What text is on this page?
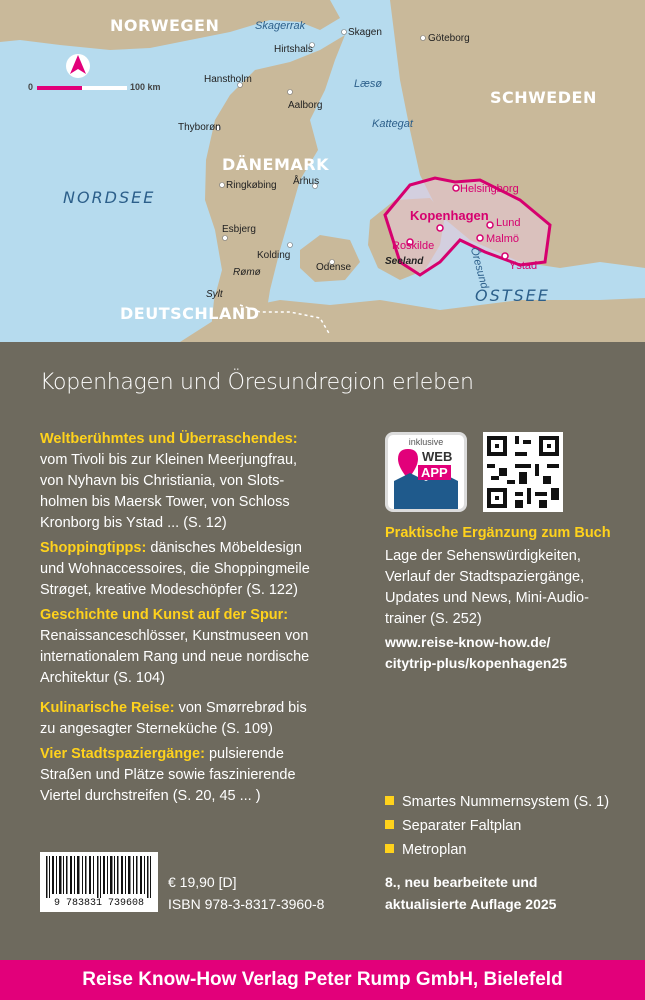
NORWEGEN
SCHWEDEN
DÄNEMARK
DEUTSCHLAND
NORDSEE
OSTSEE
Skagerrak
Kattegat
Öresund
Læsø
Hirtshals
Skagen
Göteborg
Hanstholm
Aalborg
Thyborøn
Ringkøbing Århus
Esbjerg
Kolding
Odense
Rømø
Sylt
Seeland
Kopenhagen
Helsingborg
Lund
Malmö
Ystad
Roskilde
0	100 km
Kopenhagen und Öresundregion erleben
Weltberühmtes und Überraschendes:
vom Tivoli bis zur Kleinen Meerjungfrau,
von Nyhavn bis Christiania, von Slots-
holmen bis Maersk Tower, von Schloss
Kronborg bis Ystad ... (S. 12)
Shoppingtipps: dänisches Möbeldesign
und Wohnaccessoires, die Shoppingmeile
Strøget, kreative Modeschöpfer (S. 122)
Geschichte und Kunst auf der Spur:
Renaissanceschlösser, Kunstmuseen von
internationalem Rang und neue nordische
Architektur (S. 104)
Kulinarische Reise: von Smørrebrød bis
zu angesagter Sterneküche (S. 109)
Vier Stadtspaziergänge: pulsierende
Straßen und Plätze sowie faszinierende
Viertel durchstreifen (S. 20, 45 ... )
inklusive
WEB
APP
Praktische Ergänzung zum Buch
Lage der Sehenswürdigkeiten,
Verlauf der Stadtspaziergänge,
Updates und News, Mini-Audio-
trainer (S. 252)
www.reise-know-how.de/
citytrip-plus/kopenhagen25
Smartes Nummernsystem (S. 1)
Separater Faltplan
Metroplan
9 783831 739608
€ 19,90 [D]
ISBN 978-3-8317-3960-8
8., neu bearbeitete und
aktualisierte Auflage 2025
Reise Know-How Verlag Peter Rump GmbH, Bielefeld
